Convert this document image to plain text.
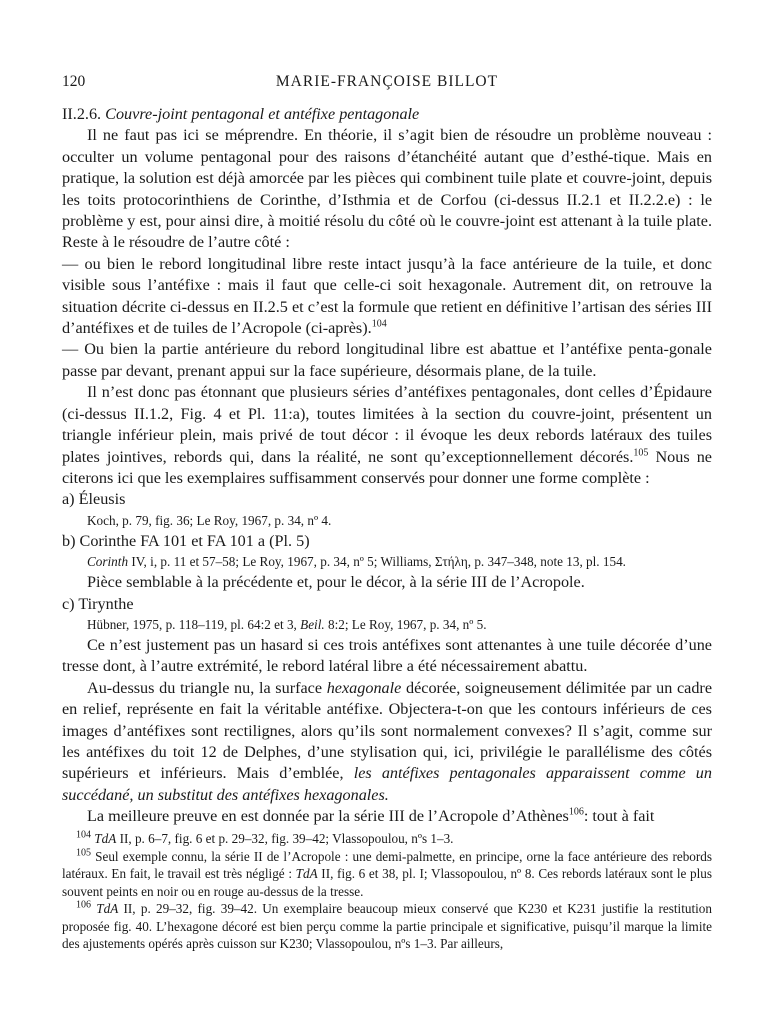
120	MARIE-FRANÇOISE BILLOT

II.2.6. Couvre-joint pentagonal et antéfixe pentagonale

Il ne faut pas ici se méprendre. En théorie, il s’agit bien de résoudre un problème nouveau : occulter un volume pentagonal pour des raisons d’étanchéité autant que d’esthé-tique. Mais en pratique, la solution est déjà amorcée par les pièces qui combinent tuile plate et couvre-joint, depuis les toits protocorinthiens de Corinthe, d’Isthmia et de Corfou (ci-dessus II.2.1 et II.2.2.e) : le problème y est, pour ainsi dire, à moitié résolu du côté où le couvre-joint est attenant à la tuile plate. Reste à le résoudre de l’autre côté :

— ou bien le rebord longitudinal libre reste intact jusqu’à la face antérieure de la tuile, et donc visible sous l’antéfixe : mais il faut que celle-ci soit hexagonale. Autrement dit, on retrouve la situation décrite ci-dessus en II.2.5 et c’est la formule que retient en définitive l’artisan des séries III d’antéfixes et de tuiles de l’Acropole (ci-après).$^{104}$

— Ou bien la partie antérieure du rebord longitudinal libre est abattue et l’antéfixe penta-gonale passe par devant, prenant appui sur la face supérieure, désormais plane, de la tuile.

Il n’est donc pas étonnant que plusieurs séries d’antéfixes pentagonales, dont celles d’Épidaure (ci-dessus II.1.2, Fig. 4 et Pl. 11:a), toutes limitées à la section du couvre-joint, présentent un triangle inférieur plein, mais privé de tout décor : il évoque les deux rebords latéraux des tuiles plates jointives, rebords qui, dans la réalité, ne sont qu’exceptionnellement décorés.$^{105}$ Nous ne citerons ici que les exemplaires suffisamment conservés pour donner une forme complète :

a) Éleusis

Koch, p. 79, fig. 36; Le Roy, 1967, p. 34, nº 4.

b) Corinthe FA 101 et FA 101 a (Pl. 5)

Corinth IV, i, p. 11 et 57–58; Le Roy, 1967, p. 34, nº 5; Williams, Στήλη, p. 347–348, note 13, pl. 154.

Pièce semblable à la précédente et, pour le décor, à la série III de l’Acropole.

c) Tirynthe

Hübner, 1975, p. 118–119, pl. 64:2 et 3, Beil. 8:2; Le Roy, 1967, p. 34, nº 5.

Ce n’est justement pas un hasard si ces trois antéfixes sont attenantes à une tuile décorée d’une tresse dont, à l’autre extrémité, le rebord latéral libre a été nécessairement abattu.

Au-dessus du triangle nu, la surface hexagonale décorée, soigneusement délimitée par un cadre en relief, représente en fait la véritable antéfixe. Objectera-t-on que les contours inférieurs de ces images d’antéfixes sont rectilignes, alors qu’ils sont normalement convexes? Il s’agit, comme sur les antéfixes du toit 12 de Delphes, d’une stylisation qui, ici, privilégie le parallélisme des côtés supérieurs et inférieurs. Mais d’emblée, les antéfixes pentagonales apparaissent comme un succédané, un substitut des antéfixes hexagonales.

La meilleure preuve en est donnée par la série III de l’Acropole d’Athènes$^{106}$: tout à fait

$^{104}$ TdA II, p. 6–7, fig. 6 et p. 29–32, fig. 39–42; Vlassopoulou, nºs 1–3.

$^{105}$ Seul exemple connu, la série II de l’Acropole : une demi-palmette, en principe, orne la face antérieure des rebords latéraux. En fait, le travail est très négligé : TdA II, fig. 6 et 38, pl. I; Vlassopoulou, nº 8. Ces rebords latéraux sont le plus souvent peints en noir ou en rouge au-dessus de la tresse.

$^{106}$ TdA II, p. 29–32, fig. 39–42. Un exemplaire beaucoup mieux conservé que K230 et K231 justifie la restitution proposée fig. 40. L’hexagone décoré est bien perçu comme la partie principale et significative, puisqu’il marque la limite des ajustements opérés après cuisson sur K230; Vlassopoulou, nºs 1–3. Par ailleurs,
